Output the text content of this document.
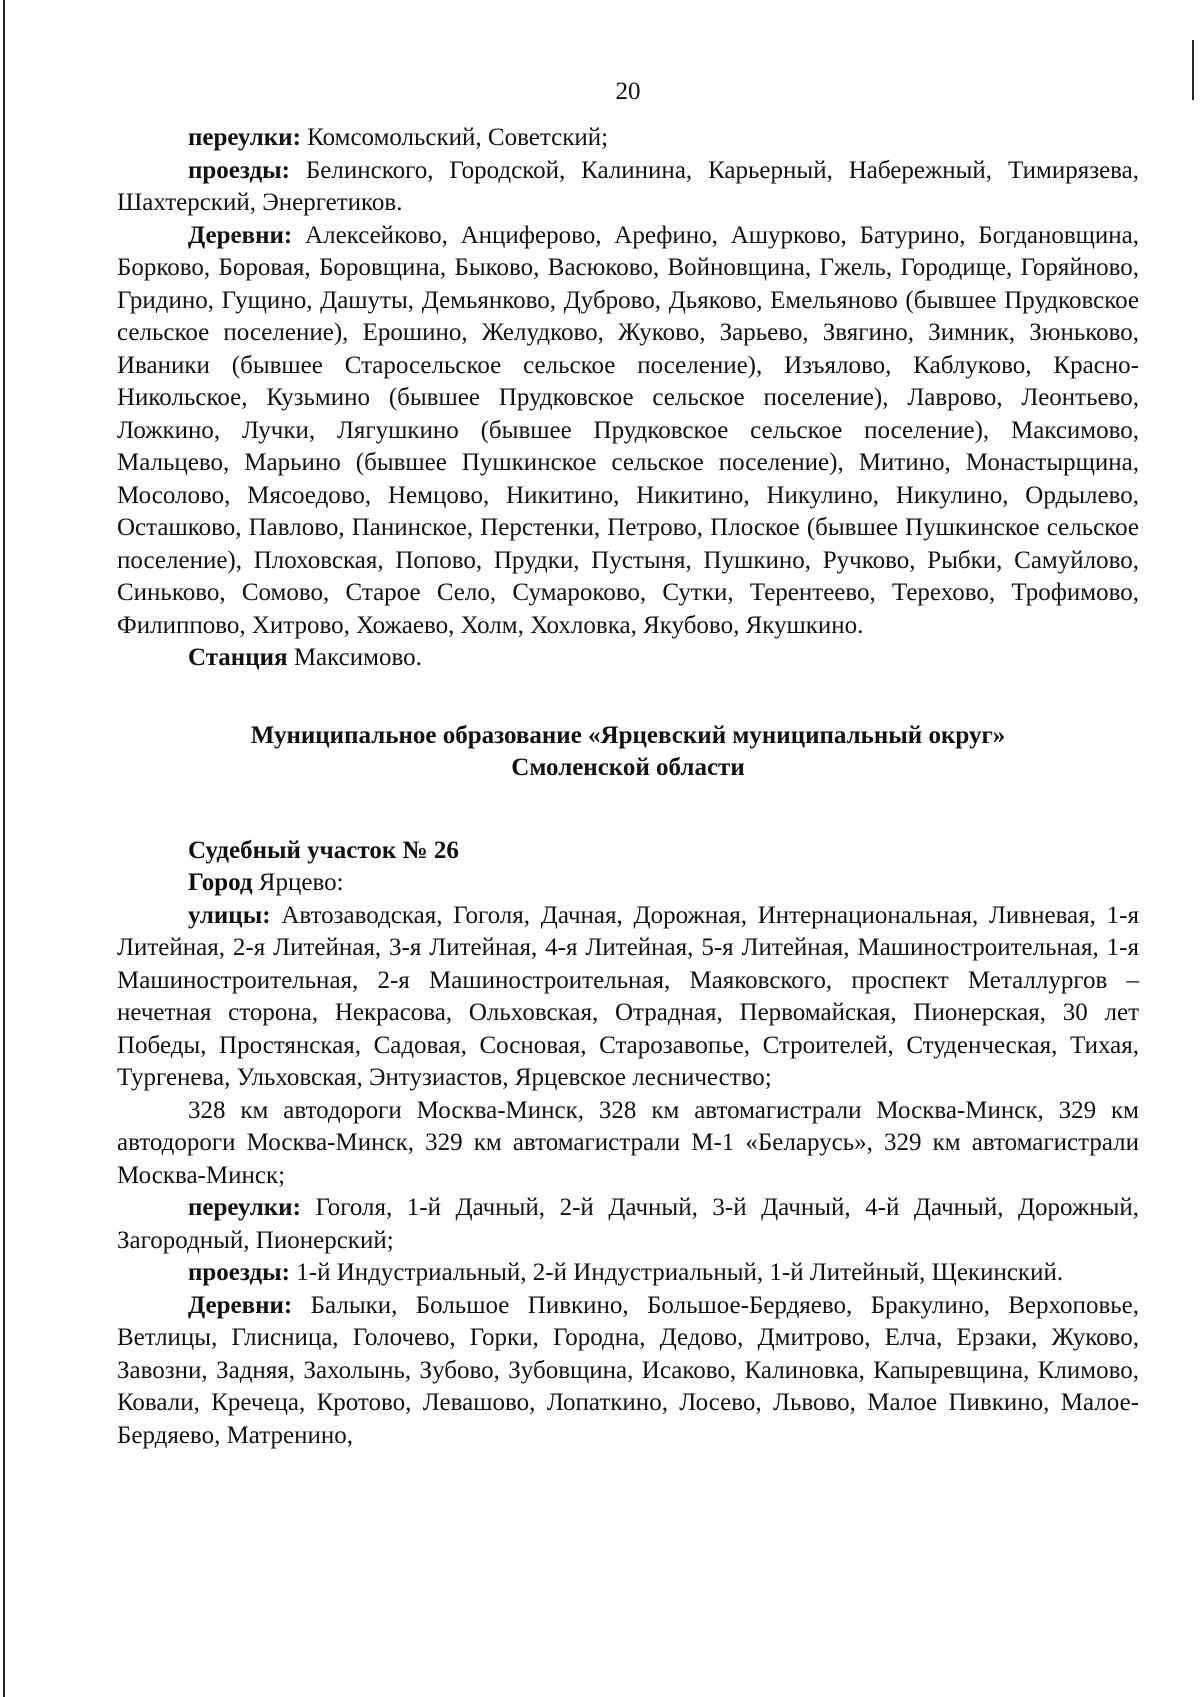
20

переулки: Комсомольский, Советский;

проезды: Белинского, Городской, Калинина, Карьерный, Набережный, Тимирязева, Шахтерский, Энергетиков.

Деревни: Алексейково, Анциферово, Арефино, Ашурково, Батурино, Богдановщина, Борково, Боровая, Боровщина, Быково, Васюково, Войновщина, Гжель, Городище, Горяйново, Гридино, Гущино, Дашуты, Демьянково, Дуброво, Дьяково, Емельяново (бывшее Прудковское сельское поселение), Ерошино, Желудково, Жуково, Зарьево, Звягино, Зимник, Зюньково, Иваники (бывшее Старосельское сельское поселение), Изъялово, Каблуково, Красно-Никольское, Кузьмино (бывшее Прудковское сельское поселение), Лаврово, Леонтьево, Ложкино, Лучки, Лягушкино (бывшее Прудковское сельское поселение), Максимово, Мальцево, Марьино (бывшее Пушкинское сельское поселение), Митино, Монастырщина, Мосолово, Мясоедово, Немцово, Никитино, Никитино, Никулино, Никулино, Ордылево, Осташково, Павлово, Панинское, Перстенки, Петрово, Плоское (бывшее Пушкинское сельское поселение), Плоховская, Попово, Прудки, Пустыня, Пушкино, Ручково, Рыбки, Самуйлово, Синьково, Сомово, Старое Село, Сумароково, Сутки, Терентеево, Терехово, Трофимово, Филиппово, Хитрово, Хожаево, Холм, Хохловка, Якубово, Якушкино.

Станция Максимово.

Муниципальное образование «Ярцевский муниципальный округ»
Смоленской области

Судебный участок № 26

Город Ярцево:

улицы: Автозаводская, Гоголя, Дачная, Дорожная, Интернациональная, Ливневая, 1-я Литейная, 2-я Литейная, 3-я Литейная, 4-я Литейная, 5-я Литейная, Машиностроительная, 1-я Машиностроительная, 2-я Машиностроительная, Маяковского, проспект Металлургов – нечетная сторона, Некрасова, Ольховская, Отрадная, Первомайская, Пионерская, 30 лет Победы, Простянская, Садовая, Сосновая, Старозавопье, Строителей, Студенческая, Тихая, Тургенева, Ульховская, Энтузиастов, Ярцевское лесничество;

328 км автодороги Москва-Минск, 328 км автомагистрали Москва-Минск, 329 км автодороги Москва-Минск, 329 км автомагистрали М-1 «Беларусь», 329 км автомагистрали Москва-Минск;

переулки: Гоголя, 1-й Дачный, 2-й Дачный, 3-й Дачный, 4-й Дачный, Дорожный, Загородный, Пионерский;

проезды: 1-й Индустриальный, 2-й Индустриальный, 1-й Литейный, Щекинский.

Деревни: Балыки, Большое Пивкино, Большое-Бердяево, Бракулино, Верхоповье, Ветлицы, Глисница, Голочево, Горки, Городна, Дедово, Дмитрово, Елча, Ерзаки, Жуково, Завозни, Задняя, Захолынь, Зубово, Зубовщина, Исаково, Калиновка, Капыревщина, Климово, Ковали, Кречеца, Кротово, Левашово, Лопаткино, Лосево, Львово, Малое Пивкино, Малое-Бердяево, Матренино,
